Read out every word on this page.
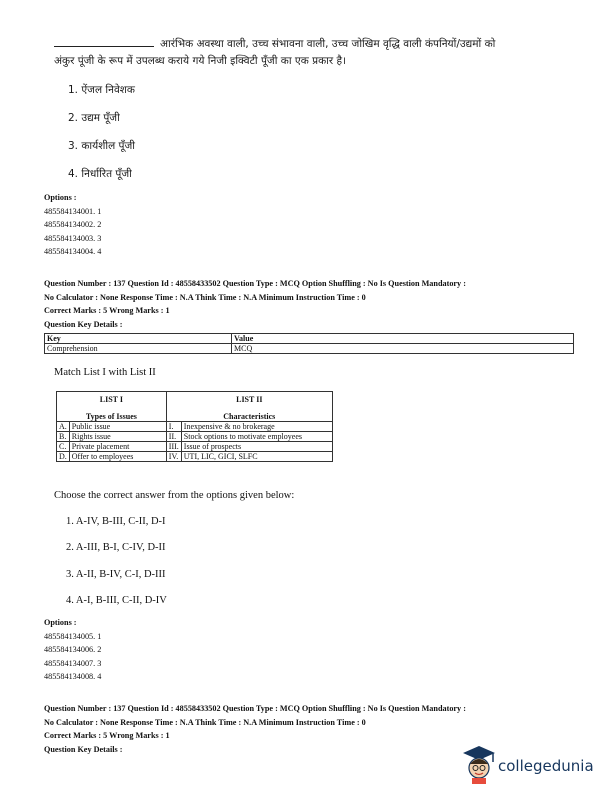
आरंभिक अवस्था वाली, उच्च संभावना वाली, उच्च जोखिम वृद्धि वाली कंपनियों/उद्यमों को
अंकुर पूंजी के रूप में उपलब्ध कराये गये निजी इक्विटी पूँजी का एक प्रकार है।
1. ऐंजल निवेशक
2. उद्यम पूँजी
3. कार्यशील पूँजी
4. निर्धारित पूँजी
Options :
485584134001. 1
485584134002. 2
485584134003. 3
485584134004. 4
Question Number : 137 Question Id : 48558433502 Question Type : MCQ Option Shuffling : No Is Question Mandatory :
No Calculator : None Response Time : N.A Think Time : N.A Minimum Instruction Time : 0
Correct Marks : 5 Wrong Marks : 1
Question Key Details :
Key	Value
Comprehension	MCQ
Match List I with List II
LIST I		LIST II	
Types of Issues		Characteristics	
A.	Public issue	I.	Inexpensive & no brokerage
B.	Rights issue	II.	Stock options to motivate employees
C.	Private placement	III.	Issue of prospects
D.	Offer to employees	IV.	UTI, LIC, GICI, SLFC
Choose the correct answer from the options given below:
1. A-IV, B-III, C-II, D-I
2. A-III, B-I, C-IV, D-II
3. A-II, B-IV, C-I, D-III
4. A-I, B-III, C-II, D-IV
Options :
485584134005. 1
485584134006. 2
485584134007. 3
485584134008. 4
Question Number : 137 Question Id : 48558433502 Question Type : MCQ Option Shuffling : No Is Question Mandatory :
No Calculator : None Response Time : N.A Think Time : N.A Minimum Instruction Time : 0
Correct Marks : 5 Wrong Marks : 1
Question Key Details :
collegedunia
